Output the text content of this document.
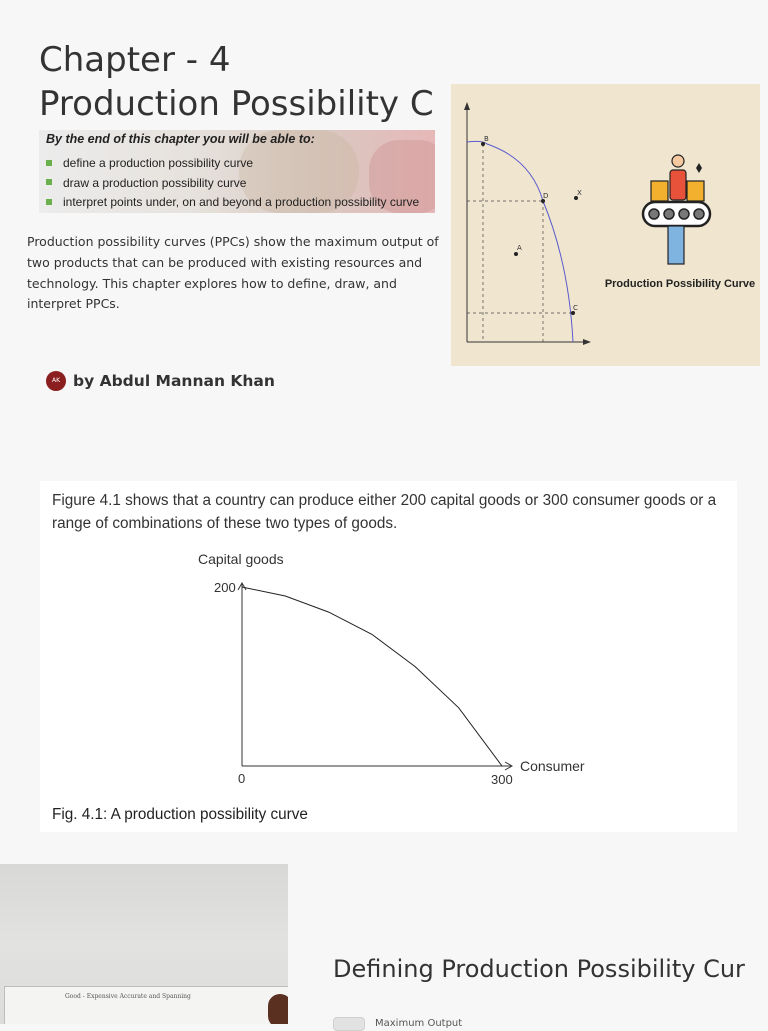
Chapter - 4
Production Possibility C
By the end of this chapter you will be able to:
define a production possibility curve
draw a production possibility curve
interpret points under, on and beyond a production possibility curve

Production possibility curves (PPCs) show the maximum output of two products that can be produced with existing resources and technology. This chapter explores how to define, draw, and interpret PPCs.

B
D	X
A
C
Production Possibility Curve
AK by Abdul Mannan Khan

Figure 4.1 shows that a country can produce either 200 capital goods or 300 consumer goods or a range of combinations of these two types of goods.

Capital goods
Consumer
200
0	300
Fig. 4.1: A production possibility curve
Good - Expensive Accurate and Spanning
Defining Production Possibility Cur
Maximum Output
